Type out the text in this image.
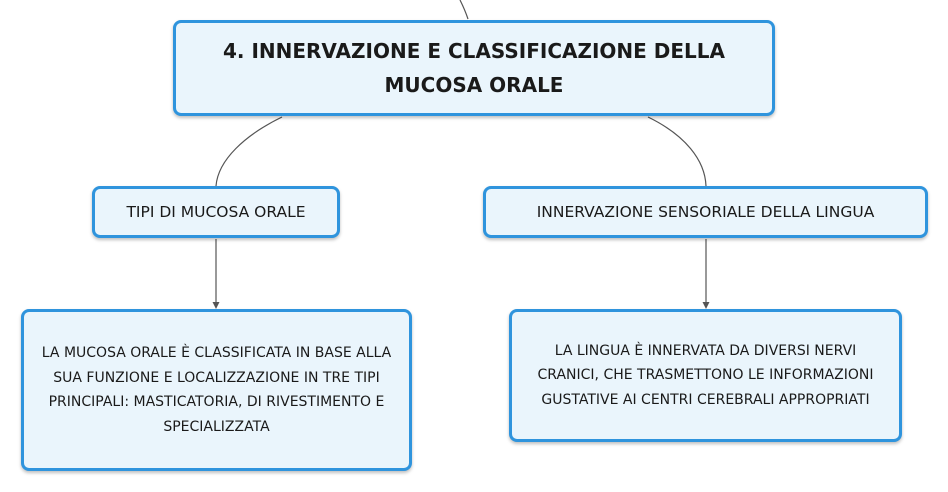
4. INNERVAZIONE E CLASSIFICAZIONE DELLA MUCOSA ORALE
TIPI DI MUCOSA ORALE	INNERVAZIONE SENSORIALE DELLA LINGUA
LA MUCOSA ORALE È CLASSIFICATA IN BASE ALLA SUA FUNZIONE E LOCALIZZAZIONE IN TRE TIPI PRINCIPALI: MASTICATORIA, DI RIVESTIMENTO E SPECIALIZZATA
LA LINGUA È INNERVATA DA DIVERSI NERVI CRANICI, CHE TRASMETTONO LE INFORMAZIONI GUSTATIVE AI CENTRI CEREBRALI APPROPRIATI
